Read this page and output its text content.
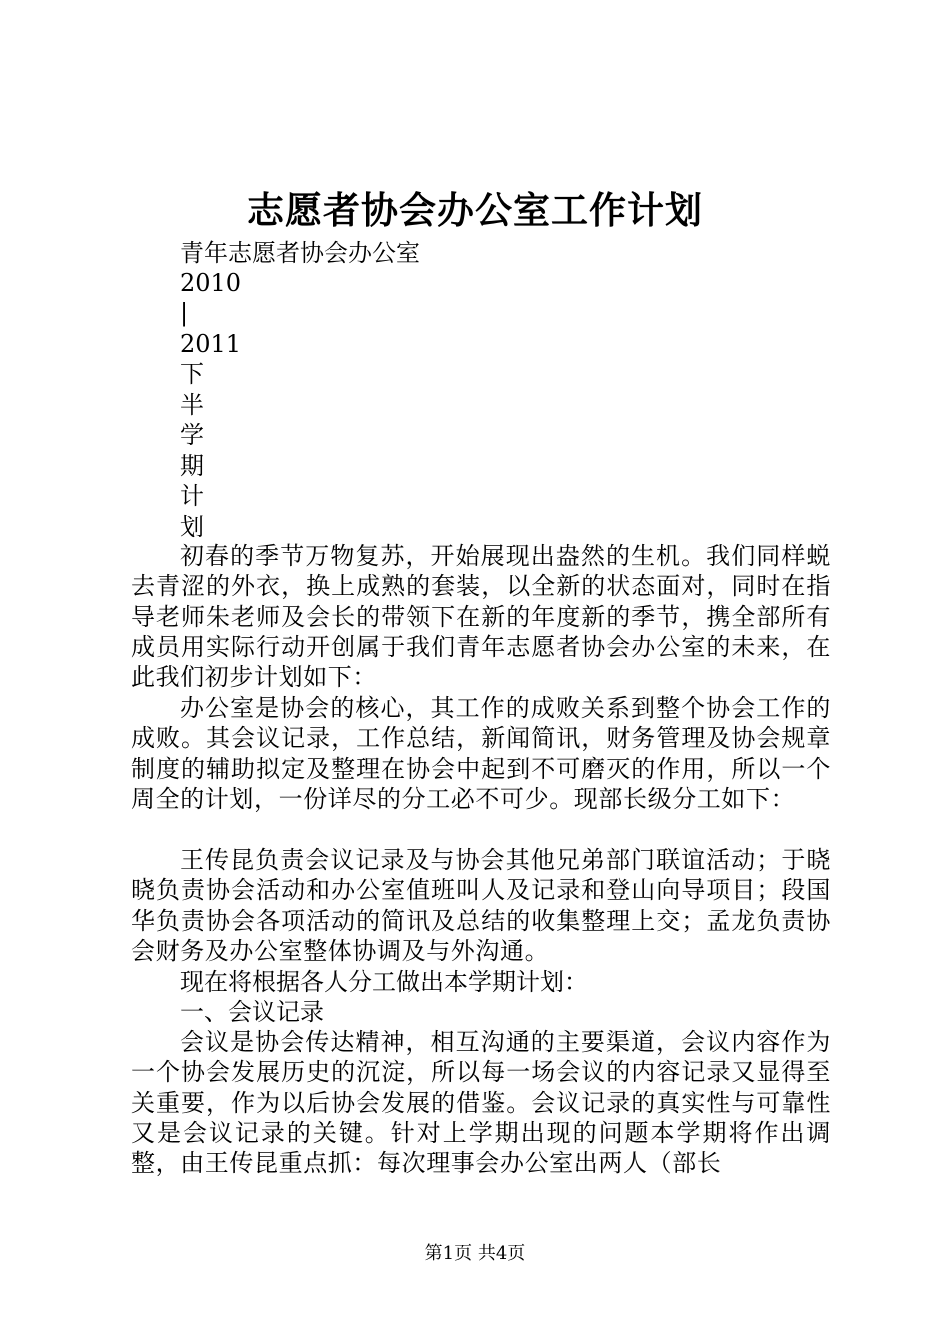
志愿者协会办公室工作计划
青年志愿者协会办公室
2010
|
2011
下
半
学
期
计
划
初春的季节万物复苏，开始展现出盎然的生机。我们同样蜕去青涩的外衣，换上成熟的套装，以全新的状态面对，同时在指导老师朱老师及会长的带领下在新的年度新的季节，携全部所有成员用实际行动开创属于我们青年志愿者协会办公室的未来，在此我们初步计划如下：
办公室是协会的核心，其工作的成败关系到整个协会工作的成败。其会议记录，工作总结，新闻简讯，财务管理及协会规章制度的辅助拟定及整理在协会中起到不可磨灭的作用，所以一个周全的计划，一份详尽的分工必不可少。现部长级分工如下：
王传昆负责会议记录及与协会其他兄弟部门联谊活动；于晓晓负责协会活动和办公室值班叫人及记录和登山向导项目；段国华负责协会各项活动的简讯及总结的收集整理上交；孟龙负责协会财务及办公室整体协调及与外沟通。
现在将根据各人分工做出本学期计划：
一、会议记录
会议是协会传达精神，相互沟通的主要渠道，会议内容作为一个协会发展历史的沉淀，所以每一场会议的内容记录又显得至关重要，作为以后协会发展的借鉴。会议记录的真实性与可靠性又是会议记录的关键。针对上学期出现的问题本学期将作出调整，由王传昆重点抓：每次理事会办公室出两人（部长
第1页 共4页
